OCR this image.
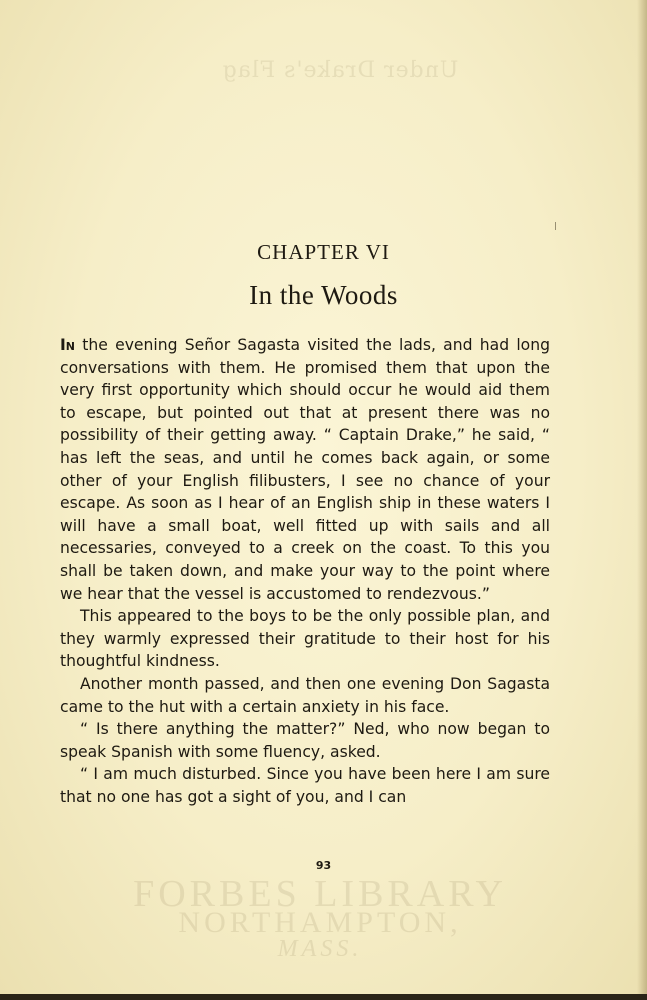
Under Drake's Flag
CHAPTER VI
In the Woods

In the evening Señor Sagasta visited the lads, and had long conversations with them. He promised them that upon the very first opportunity which should occur he would aid them to escape, but pointed out that at present there was no possibility of their getting away. “ Captain Drake,” he said, “ has left the seas, and until he comes back again, or some other of your English filibusters, I see no chance of your escape. As soon as I hear of an English ship in these waters I will have a small boat, well fitted up with sails and all necessaries, conveyed to a creek on the coast. To this you shall be taken down, and make your way to the point where we hear that the vessel is accustomed to rendezvous.”

This appeared to the boys to be the only possible plan, and they warmly expressed their gratitude to their host for his thoughtful kindness.

Another month passed, and then one evening Don Sagasta came to the hut with a certain anxiety in his face.

“ Is there anything the matter?” Ned, who now began to speak Spanish with some fluency, asked.

“ I am much disturbed. Since you have been here I am sure that no one has got a sight of you, and I can

93
FORBES LIBRARY
NORTHAMPTON,
MASS.
